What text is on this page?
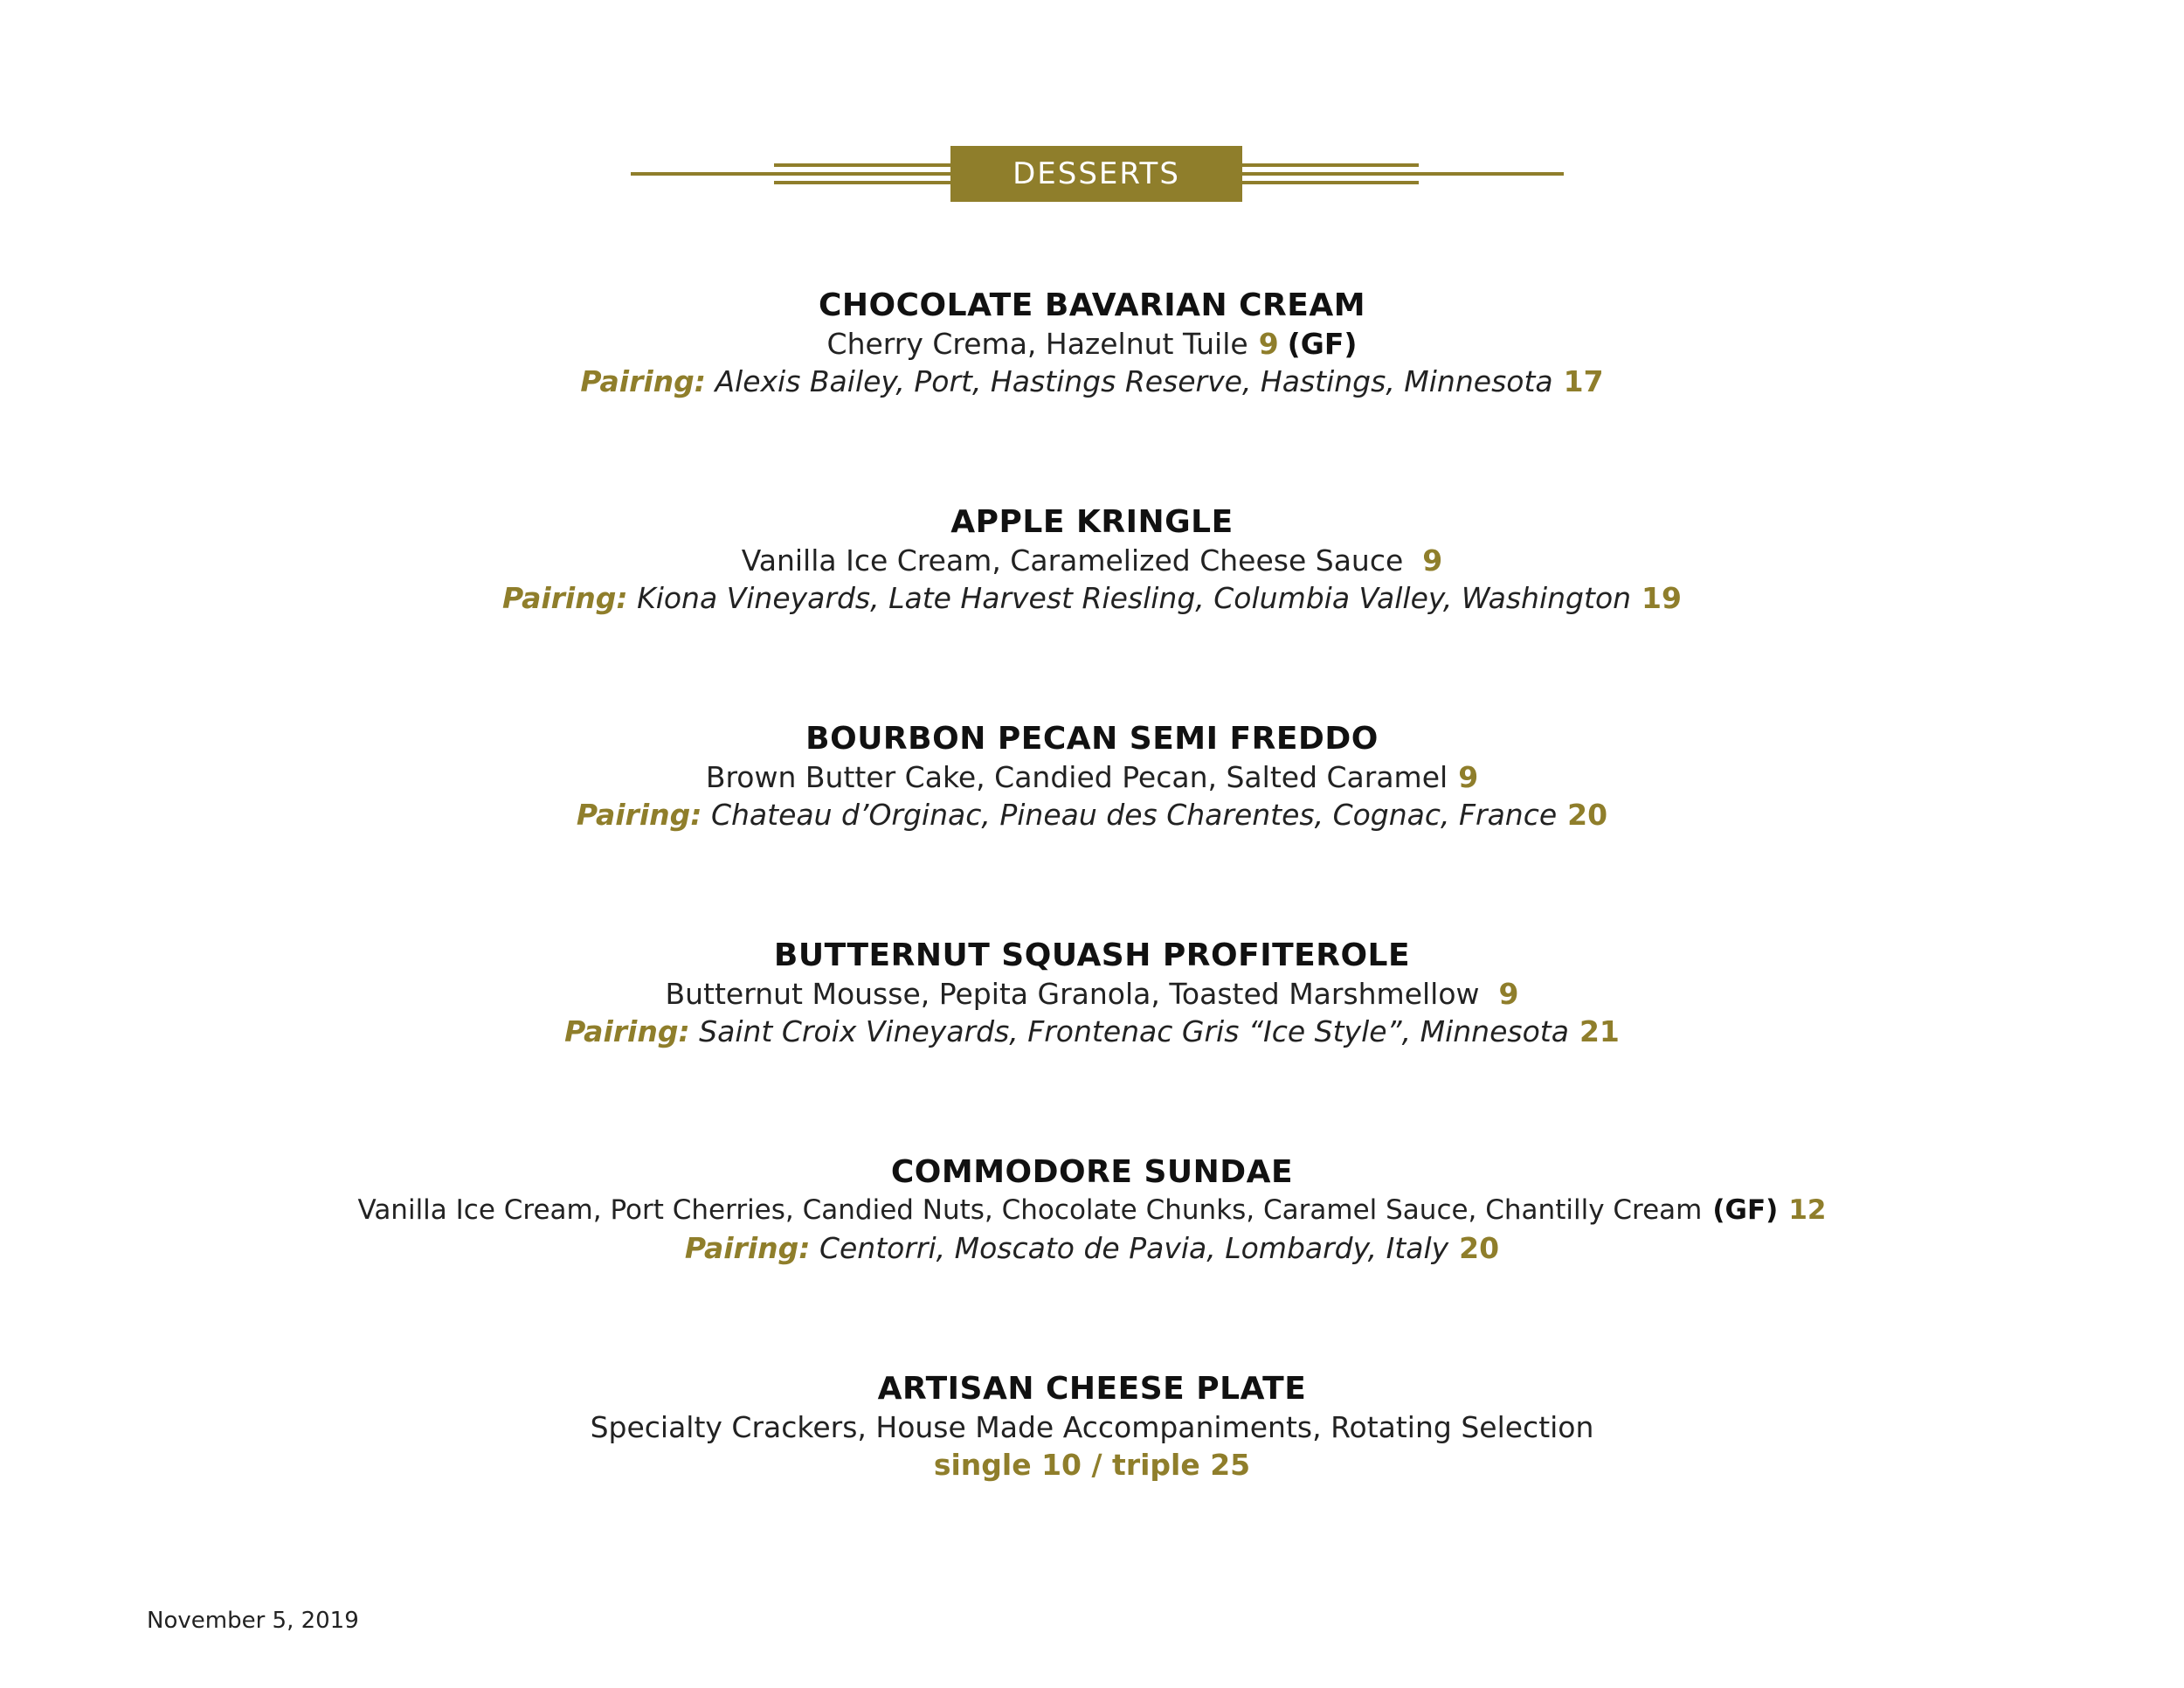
DESSERTS
CHOCOLATE BAVARIAN CREAM
Cherry Crema, Hazelnut Tuile 9 (GF)
Pairing: Alexis Bailey, Port, Hastings Reserve, Hastings, Minnesota 17
APPLE KRINGLE
Vanilla Ice Cream, Caramelized Cheese Sauce 9
Pairing: Kiona Vineyards, Late Harvest Riesling, Columbia Valley, Washington 19
BOURBON PECAN SEMI FREDDO
Brown Butter Cake, Candied Pecan, Salted Caramel 9
Pairing: Chateau d’Orginac, Pineau des Charentes, Cognac, France 20
BUTTERNUT SQUASH PROFITEROLE
Butternut Mousse, Pepita Granola, Toasted Marshmellow 9
Pairing: Saint Croix Vineyards, Frontenac Gris “Ice Style”, Minnesota 21
COMMODORE SUNDAE
Vanilla Ice Cream, Port Cherries, Candied Nuts, Chocolate Chunks, Caramel Sauce, Chantilly Cream (GF) 12
Pairing: Centorri, Moscato de Pavia, Lombardy, Italy 20
ARTISAN CHEESE PLATE
Specialty Crackers, House Made Accompaniments, Rotating Selection
single 10 / triple 25
November 5, 2019
